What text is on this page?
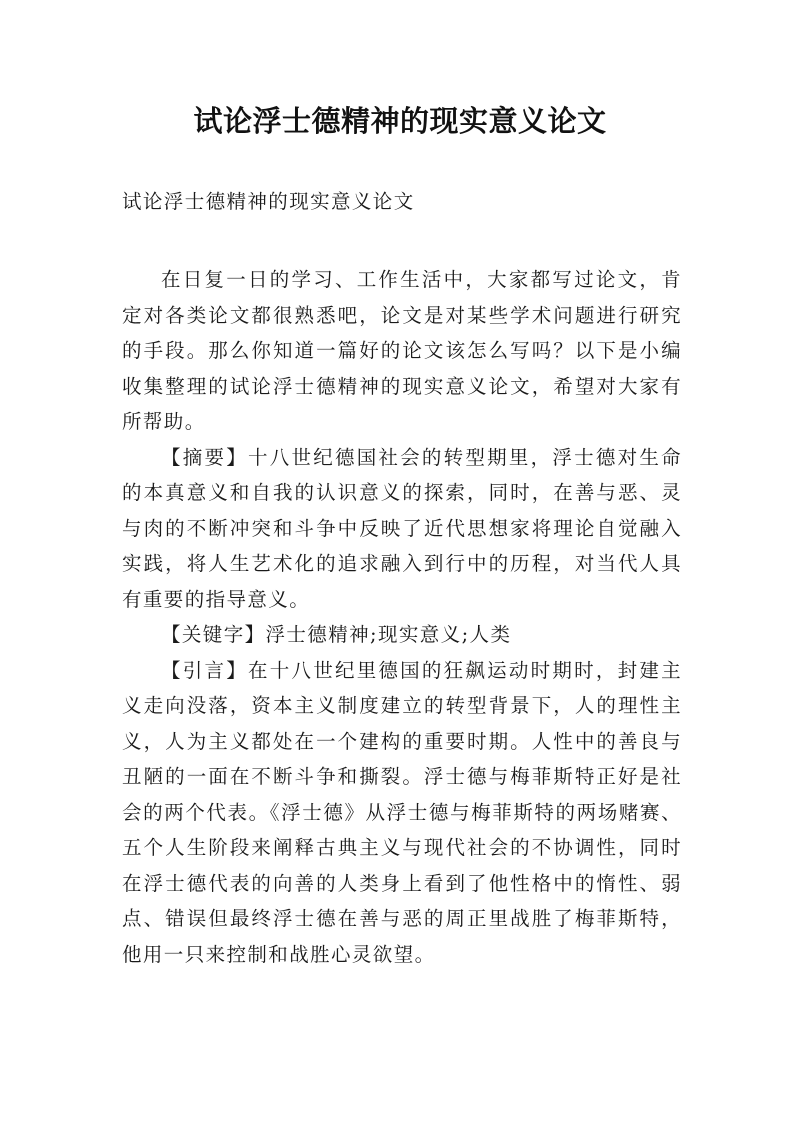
试论浮士德精神的现实意义论文
试论浮士德精神的现实意义论文

在日复一日的学习、工作生活中，大家都写过论文，肯定对各类论文都很熟悉吧，论文是对某些学术问题进行研究的手段。那么你知道一篇好的论文该怎么写吗？以下是小编收集整理的试论浮士德精神的现实意义论文，希望对大家有所帮助。

【摘要】十八世纪德国社会的转型期里，浮士德对生命的本真意义和自我的认识意义的探索，同时，在善与恶、灵与肉的不断冲突和斗争中反映了近代思想家将理论自觉融入实践，将人生艺术化的追求融入到行中的历程，对当代人具有重要的指导意义。

【关键字】浮士德精神;现实意义;人类

【引言】在十八世纪里德国的狂飙运动时期时，封建主义走向没落，资本主义制度建立的转型背景下，人的理性主义，人为主义都处在一个建构的重要时期。人性中的善良与丑陋的一面在不断斗争和撕裂。浮士德与梅菲斯特正好是社会的两个代表。《浮士德》从浮士德与梅菲斯特的两场赌赛、五个人生阶段来阐释古典主义与现代社会的不协调性，同时在浮士德代表的向善的人类身上看到了他性格中的惰性、弱点、错误但最终浮士德在善与恶的周正里战胜了梅菲斯特，他用一只来控制和战胜心灵欲望。
